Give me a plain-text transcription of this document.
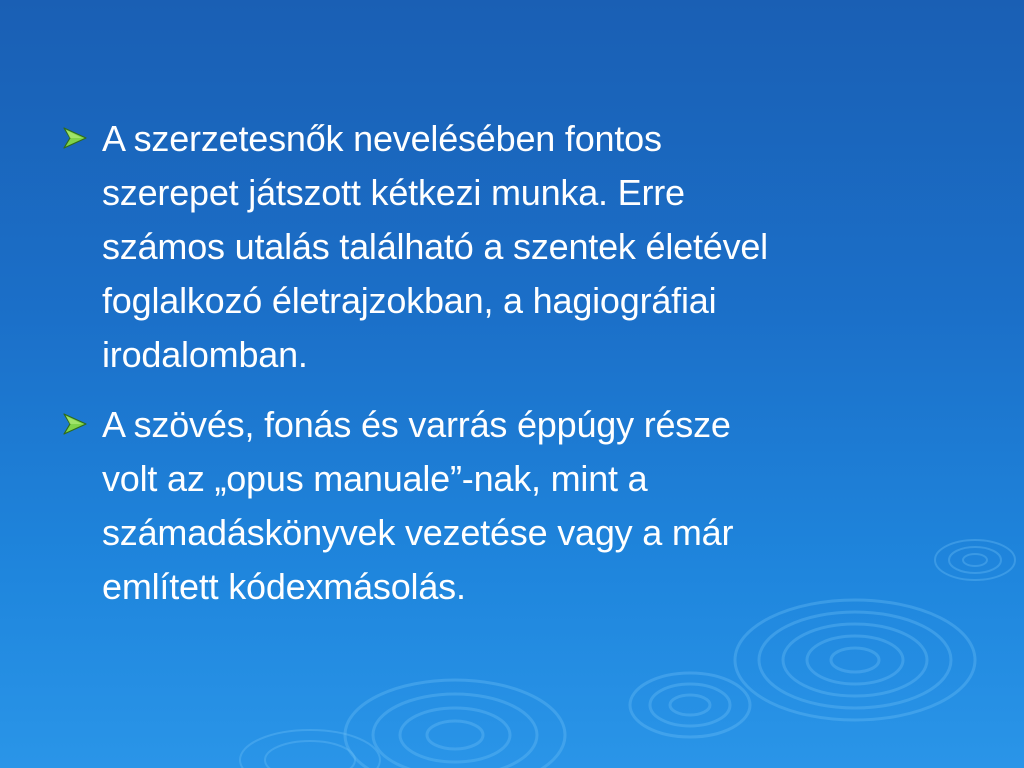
A szerzetesnők nevelésében fontos
szerepet játszott kétkezi munka. Erre
számos utalás található a szentek életével
foglalkozó életrajzokban, a hagiográfiai
irodalomban.
A szövés, fonás és varrás éppúgy része
volt az „opus manuale”-nak, mint a
számadáskönyvek vezetése vagy a már
említett kódexmásolás.
